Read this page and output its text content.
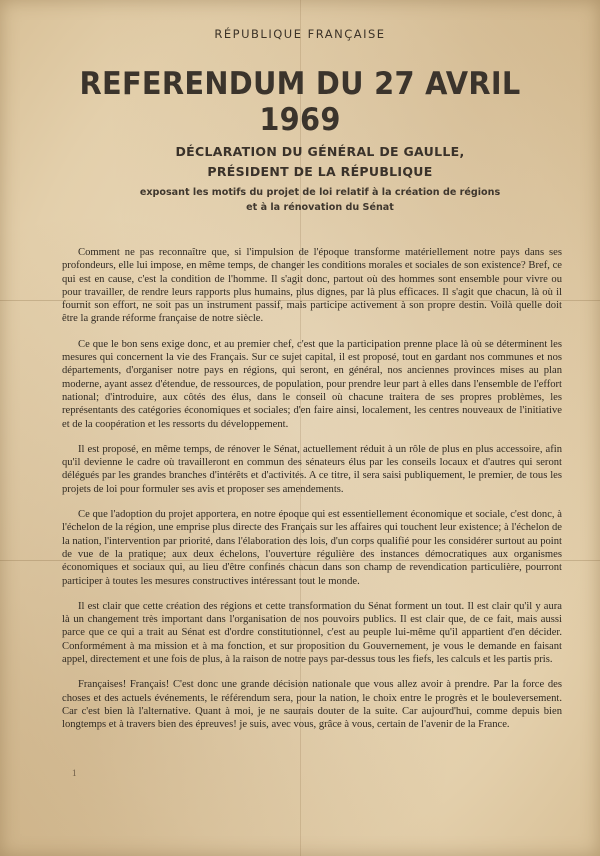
RÉPUBLIQUE FRANÇAISE
REFERENDUM DU 27 AVRIL 1969
DÉCLARATION DU GÉNÉRAL DE GAULLE,
PRÉSIDENT DE LA RÉPUBLIQUE
exposant les motifs du projet de loi relatif à la création de régions
et à la rénovation du Sénat

Comment ne pas reconnaître que, si l'impulsion de l'époque transforme matériellement notre pays dans ses profondeurs, elle lui impose, en même temps, de changer les conditions morales et sociales de son existence? Bref, ce qui est en cause, c'est la condition de l'homme. Il s'agit donc, partout où des hommes sont ensemble pour vivre ou pour travailler, de rendre leurs rapports plus humains, plus dignes, par là plus efficaces. Il s'agit que chacun, là où il fournit son effort, ne soit pas un instrument passif, mais participe activement à son propre destin. Voilà quelle doit être la grande réforme française de notre siècle.

Ce que le bon sens exige donc, et au premier chef, c'est que la participation prenne place là où se déterminent les mesures qui concernent la vie des Français. Sur ce sujet capital, il est proposé, tout en gardant nos communes et nos départements, d'organiser notre pays en régions, qui seront, en général, nos anciennes provinces mises au plan moderne, ayant assez d'étendue, de ressources, de population, pour prendre leur part à elles dans l'ensemble de l'effort national; d'introduire, aux côtés des élus, dans le conseil où chacune traitera de ses propres problèmes, les représentants des catégories économiques et sociales; d'en faire ainsi, localement, les centres nouveaux de l'initiative et de la coopération et les ressorts du développement.

Il est proposé, en même temps, de rénover le Sénat, actuellement réduit à un rôle de plus en plus accessoire, afin qu'il devienne le cadre où travailleront en commun des sénateurs élus par les conseils locaux et d'autres qui seront délégués par les grandes branches d'intérêts et d'activités. A ce titre, il sera saisi publiquement, le premier, de tous les projets de loi pour formuler ses avis et proposer ses amendements.

Ce que l'adoption du projet apportera, en notre époque qui est essentiellement économique et sociale, c'est donc, à l'échelon de la région, une emprise plus directe des Français sur les affaires qui touchent leur existence; à l'échelon de la nation, l'intervention par priorité, dans l'élaboration des lois, d'un corps qualifié pour les considérer surtout au point de vue de la pratique; aux deux échelons, l'ouverture régulière des instances démocratiques aux organismes économiques et sociaux qui, au lieu d'être confinés chacun dans son champ de revendication particulière, pourront participer à toutes les mesures constructives intéressant tout le monde.

Il est clair que cette création des régions et cette transformation du Sénat forment un tout. Il est clair qu'il y aura là un changement très important dans l'organisation de nos pouvoirs publics. Il est clair que, de ce fait, mais aussi parce que ce qui a trait au Sénat est d'ordre constitutionnel, c'est au peuple lui-même qu'il appartient d'en décider. Conformément à ma mission et à ma fonction, et sur proposition du Gouvernement, je vous le demande en faisant appel, directement et une fois de plus, à la raison de notre pays par-dessus tous les fiefs, les calculs et les partis pris.

Françaises! Français! C'est donc une grande décision nationale que vous allez avoir à prendre. Par la force des choses et des actuels événements, le référendum sera, pour la nation, le choix entre le progrès et le bouleversement. Car c'est bien là l'alternative. Quant à moi, je ne saurais douter de la suite. Car aujourd'hui, comme depuis bien longtemps et à travers bien des épreuves! je suis, avec vous, grâce à vous, certain de l'avenir de la France.

1
